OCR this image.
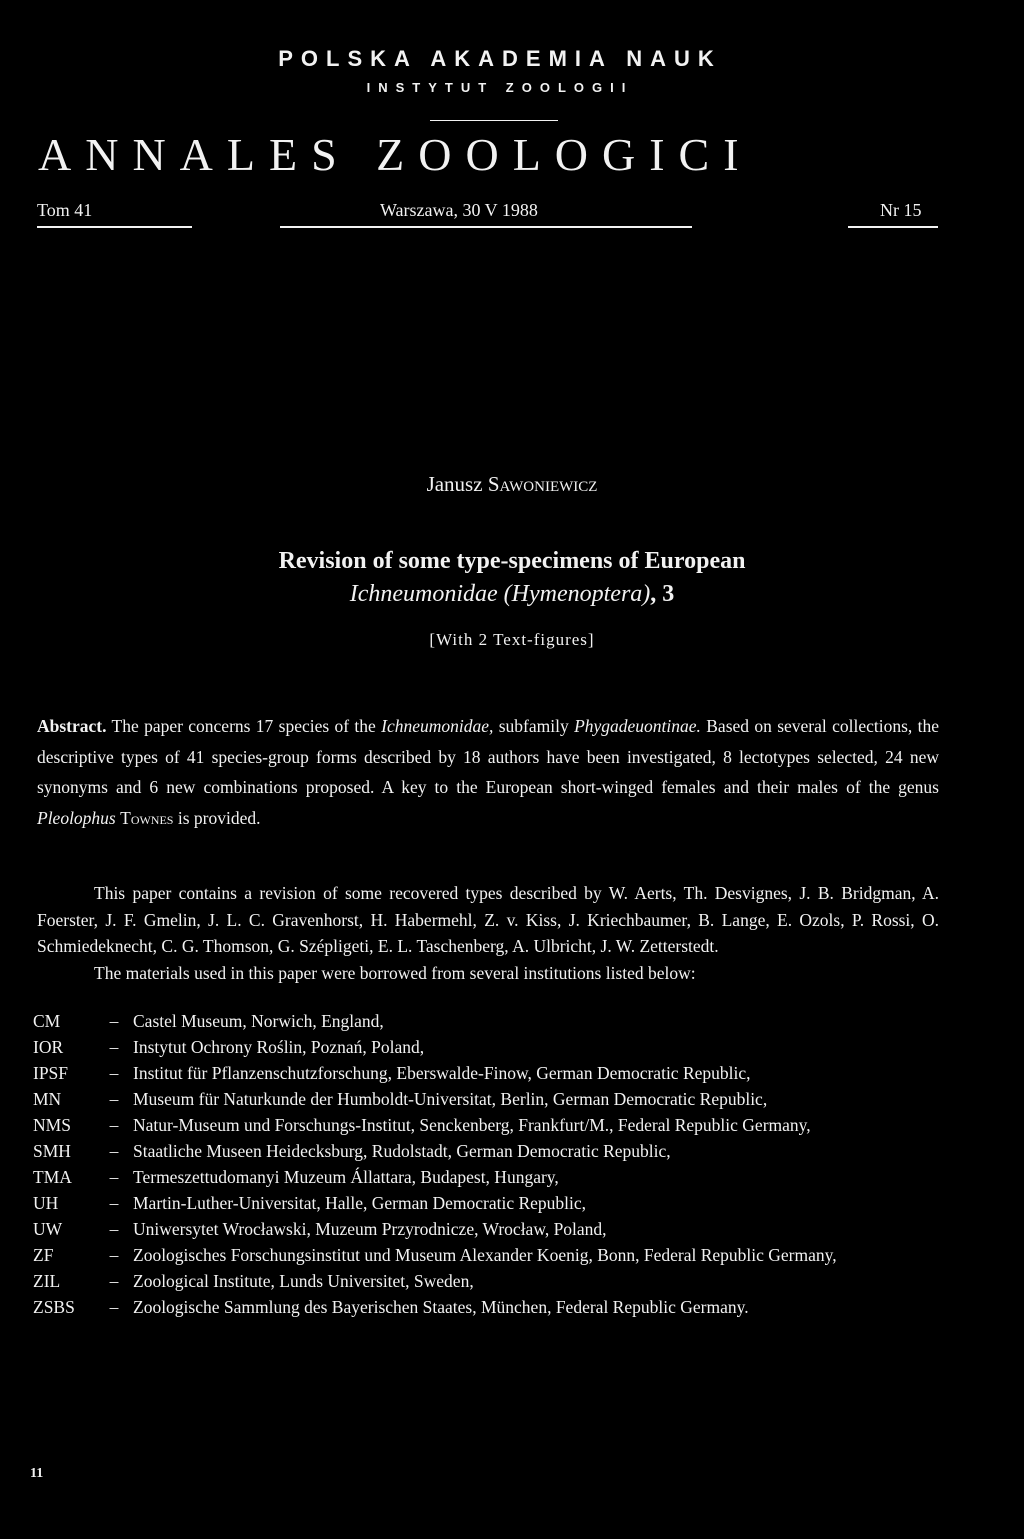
POLSKA AKADEMIA NAUK
INSTYTUT ZOOLOGII
ANNALES ZOOLOGICI
Tom 41	Warszawa, 30 V 1988	Nr 15
Janusz Sawoniewicz
Revision of some type-specimens of European
Ichneumonidae (Hymenoptera), 3
[With 2 Text-figures]
Abstract. The paper concerns 17 species of the Ichneumonidae, subfamily Phygadeuontinae. Based on several collections, the descriptive types of 41 species-group forms described by 18 authors have been investigated, 8 lectotypes selected, 24 new synonyms and 6 new combinations proposed. A key to the European short-winged females and their males of the genus Pleolophus Townes is provided.

This paper contains a revision of some recovered types described by W. Aerts, Th. Desvignes, J. B. Bridgman, A. Foerster, J. F. Gmelin, J. L. C. Gravenhorst, H. Habermehl, Z. v. Kiss, J. Kriechbaumer, B. Lange, E. Ozols, P. Rossi, O. Schmiedeknecht, C. G. Thomson, G. Szépligeti, E. L. Taschenberg, A. Ulbricht, J. W. Zetterstedt.

The materials used in this paper were borrowed from several institutions listed below:

CM	– Castel Museum, Norwich, England,
IOR	– Instytut Ochrony Roślin, Poznań, Poland,
IPSF	– Institut für Pflanzenschutzforschung, Eberswalde-Finow, German Democratic Republic,
MN	– Museum für Naturkunde der Humboldt-Universitat, Berlin, German Democratic Republic,
NMS	– Natur-Museum und Forschungs-Institut, Senckenberg, Frankfurt/M., Federal Republic Germany,
SMH	– Staatliche Museen Heidecksburg, Rudolstadt, German Democratic Republic,
TMA	– Termeszettudomanyi Muzeum Állattara, Budapest, Hungary,
UH	– Martin-Luther-Universitat, Halle, German Democratic Republic,
UW	– Uniwersytet Wrocławski, Muzeum Przyrodnicze, Wrocław, Poland,
ZF	– Zoologisches Forschungsinstitut und Museum Alexander Koenig, Bonn, Federal Republic Germany,
ZIL	– Zoological Institute, Lunds Universitet, Sweden,
ZSBS	– Zoologische Sammlung des Bayerischen Staates, München, Federal Republic Germany.
11
